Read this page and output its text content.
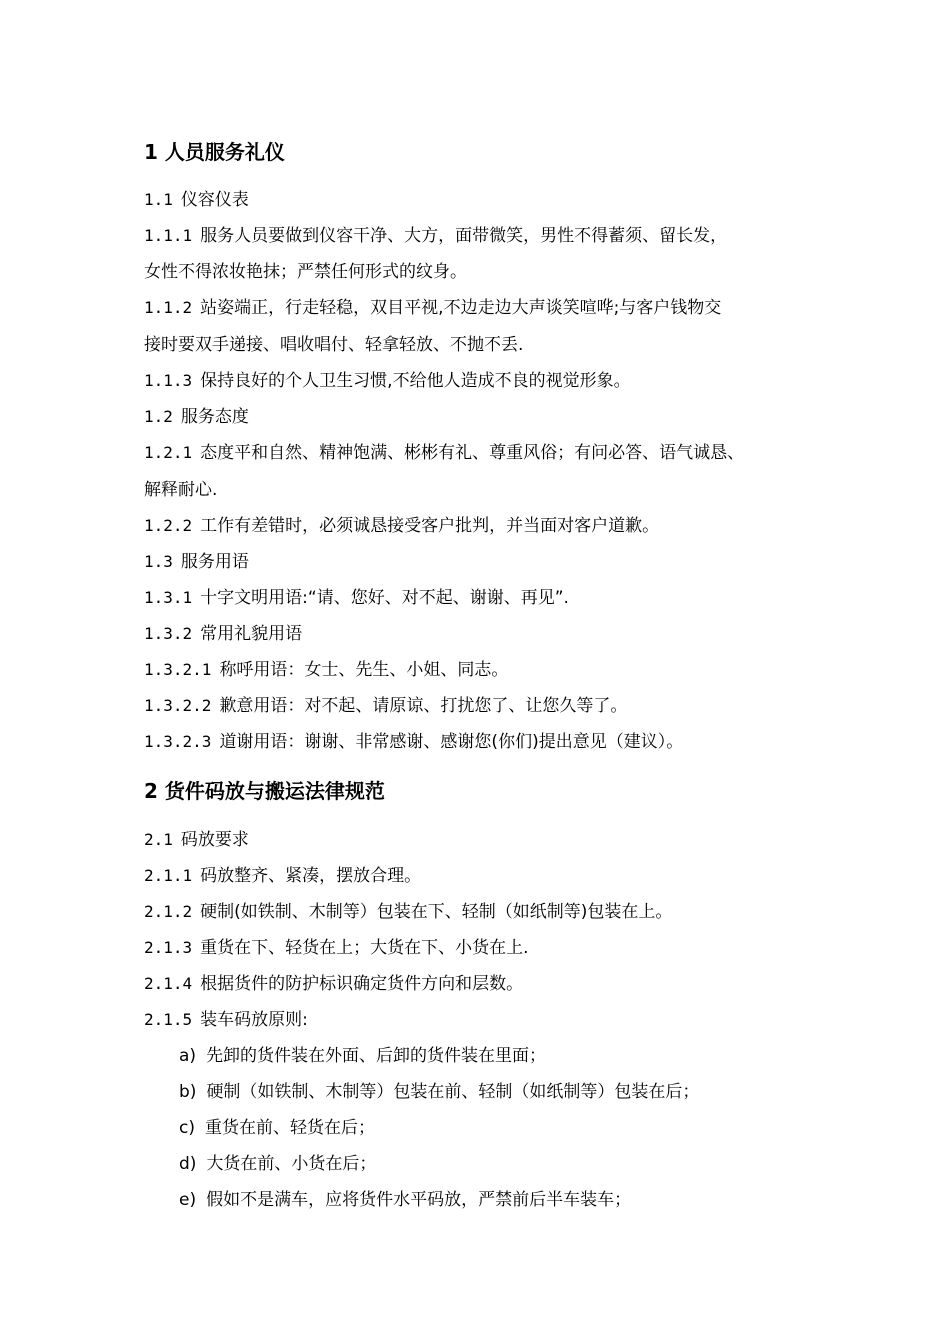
1 人员服务礼仪
1.1 仪容仪表
1.1.1 服务人员要做到仪容干净、大方，面带微笑，男性不得蓄须、留长发，
女性不得浓妆艳抹；严禁任何形式的纹身。
1.1.2 站姿端正，行走轻稳，双目平视,不边走边大声谈笑喧哗;与客户钱物交
接时要双手递接、唱收唱付、轻拿轻放、不抛不丢.
1.1.3 保持良好的个人卫生习惯,不给他人造成不良的视觉形象。
1.2 服务态度
1.2.1 态度平和自然、精神饱满、彬彬有礼、尊重风俗；有问必答、语气诚恳、
解释耐心.
1.2.2 工作有差错时，必须诚恳接受客户批判，并当面对客户道歉。
1.3 服务用语
1.3.1 十字文明用语:“请、您好、对不起、谢谢、再见”.
1.3.2 常用礼貌用语
1.3.2.1 称呼用语：女士、先生、小姐、同志。
1.3.2.2 歉意用语：对不起、请原谅、打扰您了、让您久等了。
1.3.2.3 道谢用语：谢谢、非常感谢、感谢您(你们)提出意见（建议）。
2 货件码放与搬运法律规范
2.1 码放要求
2.1.1 码放整齐、紧凑，摆放合理。
2.1.2 硬制(如铁制、木制等）包装在下、轻制（如纸制等)包装在上。
2.1.3 重货在下、轻货在上；大货在下、小货在上.
2.1.4 根据货件的防护标识确定货件方向和层数。
2.1.5 装车码放原则:
a) 先卸的货件装在外面、后卸的货件装在里面；
b) 硬制（如铁制、木制等）包装在前、轻制（如纸制等）包装在后；
c) 重货在前、轻货在后；
d) 大货在前、小货在后；
e) 假如不是满车，应将货件水平码放，严禁前后半车装车；
